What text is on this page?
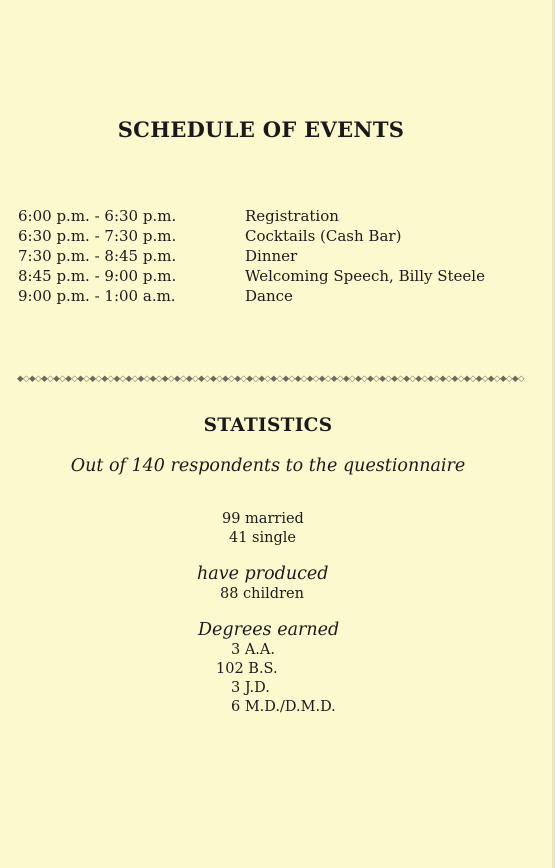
SCHEDULE OF EVENTS
6:00 p.m. - 6:30 p.m.	Registration
6:30 p.m. - 7:30 p.m.	Cocktails (Cash Bar)
7:30 p.m. - 8:45 p.m.	Dinner
8:45 p.m. - 9:00 p.m.	Welcoming Speech, Billy Steele
9:00 p.m. - 1:00 a.m.	Dance
◆◇◆◇◆◇◆◇◆◇◆◇◆◇◆◇◆◇◆◇◆◇◆◇◆◇◆◇◆◇◆◇◆◇◆◇◆◇◆◇◆◇◆◇◆◇◆◇◆◇◆◇◆◇◆◇◆◇◆◇◆◇◆◇◆◇◆◇◆◇◆◇◆◇◆◇◆◇◆◇◆◇◆◇
STATISTICS
Out of 140 respondents to the questionnaire
99 married
41 single
have produced
88 children
Degrees earned
3 A.A.
102 B.S.
3 J.D.
6 M.D./D.M.D.
